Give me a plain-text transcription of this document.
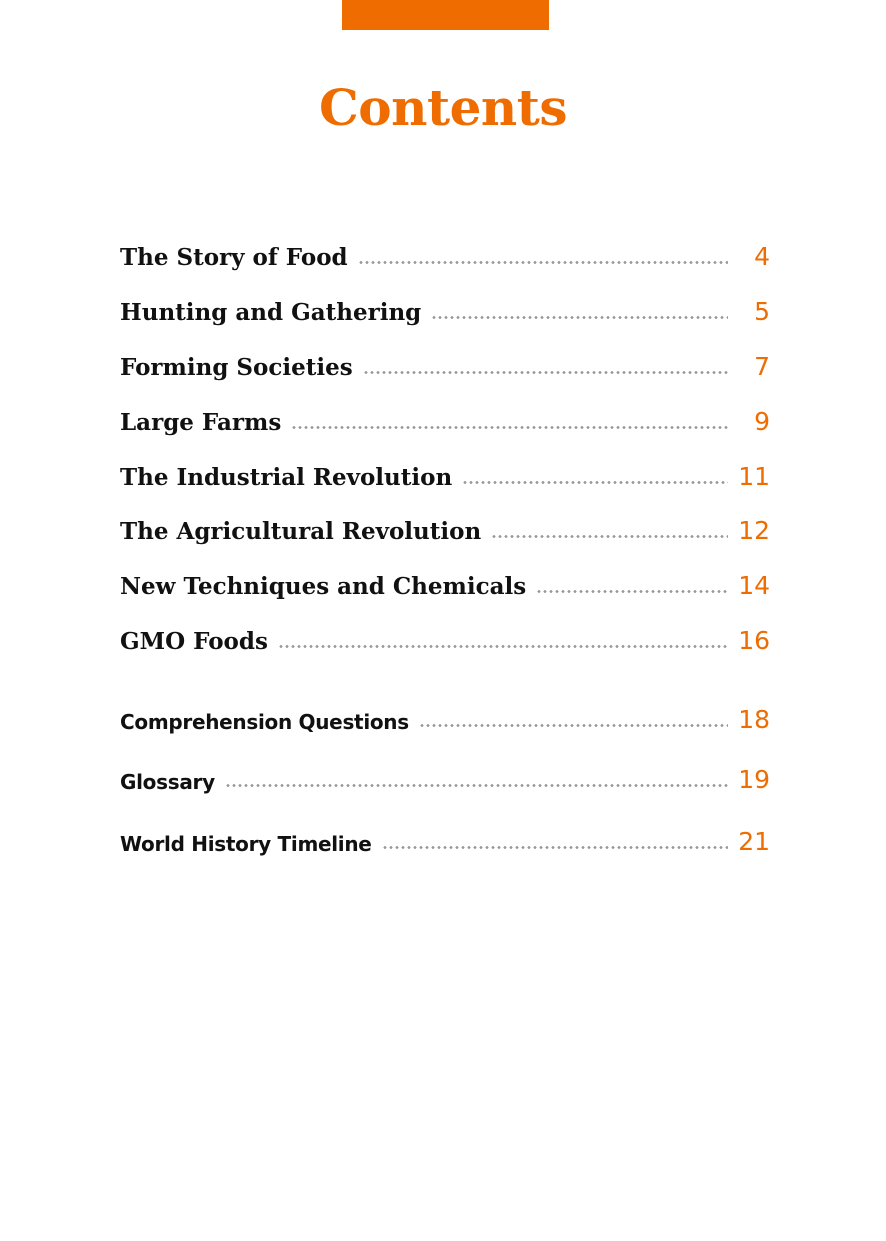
Contents
The Story of Food	4
Hunting and Gathering	5
Forming Societies	7
Large Farms	9
The Industrial Revolution	11
The Agricultural Revolution	12
New Techniques and Chemicals	14
GMO Foods	16
Comprehension Questions	18
Glossary	19
World History Timeline	21
